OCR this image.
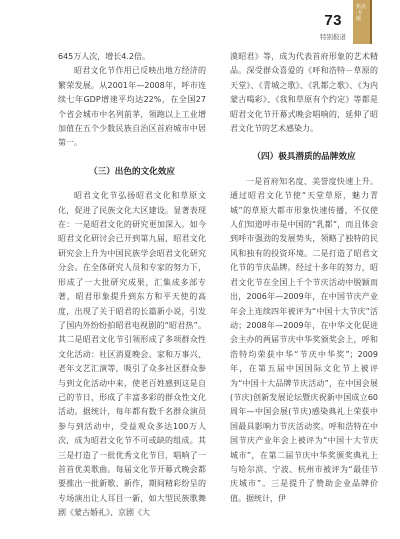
73
特别报道
焦点·专题

645万人次，增长4.2倍。

昭君文化节作用已反映出地方经济的繁荣发展。从2001年—2008年，呼市连续七年GDP增速平均达22%，在全国27个省会城市中名列前茅，领跑以上工业增加值在五个少数民族自治区首府城市中居第一。

（三）出色的文化效应

昭君文化节弘扬昭君文化和草原文化，促进了民族文化大区建设。显著表现在：一是昭君文化的研究更加深入。如今昭君文化研讨会已开到第九届，昭君文化研究会上升为中国民族学会昭君文化研究分会。在全体研究人员和专家的努力下，形成了一大批研究成果，汇集成多部专著，昭君形象提升到东方和平天使的高度，出现了关于昭君的长篇新小说，引发了国内外纷纷拍昭君电视剧的“昭君热”。其二是昭君文化节引领形成了多项群众性文化活动：社区消夏晚会、家和万事兴、老年文艺汇演等，吸引了众多社区群众参与到文化活动中来，使老百姓感到这是自己的节日，形成了丰富多彩的群众性文化活动。据统计，每年都有数千名群众演员参与到活动中，受益观众多达100万人次，成为昭君文化节不可或缺的组成。其三是打造了一批优秀文化节目，唱响了一首首优美歌曲。每届文化节开幕式晚会都要推出一批新歌、新作，期间精彩纷呈的专场演出让人耳目一新，如大型民族歌舞剧《蒙古婚礼》、京剧《大

漠昭君》等，成为代表首府形象的艺术精品。深受群众喜爱的《呼和浩特－草原的天堂》、《青城之歌》、《乳都之歌》、《为内蒙古喝彩》、《我和草原有个约定》等都是昭君文化节开幕式晚会唱响的，延伸了昭君文化节的艺术感染力。

（四）极具潜质的品牌效应

一是首府知名度、美誉度快速上升。通过昭君文化节使“天堂草原，魅力青城”的草原大都市形象快速传播，不仅使人们知道呼市是中国的“乳都”，而且体会到呼市强劲的发展势头，领略了独特的民风和独有的投资环境。二是打造了昭君文化节的节庆品牌。经过十多年的努力，昭君文化节在全国上千个节庆活动中脱颖而出，2006年—2009年，在中国节庆产业年会上连续四年被评为“中国十大节庆”活动；2008年—2009年，在中华文化促进会主办的两届节庆中华奖颁奖会上，呼和浩特均荣获中华“节庆中华奖”；2009年，在第五届中国国际文化节上被评为“中国十大品牌节庆活动”，在中国会展(节庆)创新发展论坛暨庆祝新中国成立60周年—中国会展(节庆)感染典礼上荣获中国最具影响力节庆活动奖。呼和浩特在中国节庆产业年会上被评为“中国十大节庆城市”，在第二届节庆中华奖颁奖典礼上与哈尔滨、宁波、杭州市被评为“最佳节庆城市”。三是提升了赞助企业品牌价值。据统计，伊
